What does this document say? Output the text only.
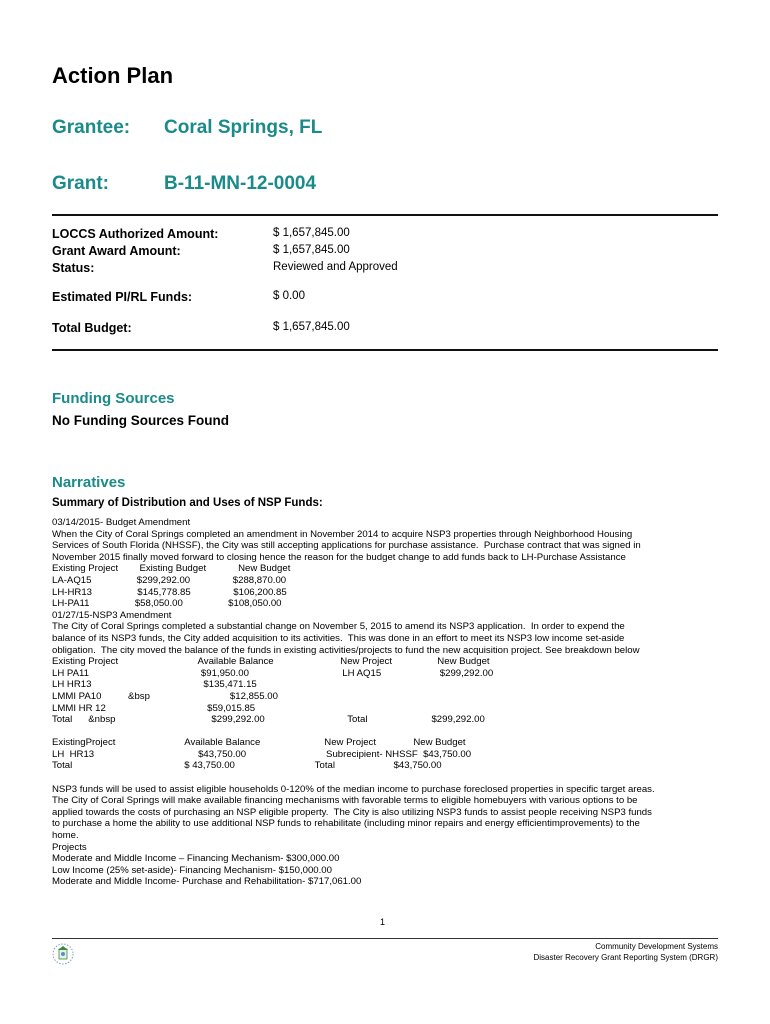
Action Plan
Grantee: Coral Springs, FL
Grant:	B-11-MN-12-0004
LOCCS Authorized Amount:	$ 1,657,845.00
Grant Award Amount:	$ 1,657,845.00
Status:	Reviewed and Approved
Estimated PI/RL Funds:	$ 0.00
Total Budget:	$ 1,657,845.00
Funding Sources
No Funding Sources Found
Narratives
Summary of Distribution and Uses of NSP Funds:
03/14/2015- Budget Amendment
When the City of Coral Springs completed an amendment in November 2014 to acquire NSP3 properties through Neighborhood Housing
Services of South Florida (NHSSF), the City was still accepting applications for purchase assistance.  Purchase contract that was signed in
November 2015 finally moved forward to closing hence the reason for the budget change to add funds back to LH-Purchase Assistance
Existing Project        Existing Budget            New Budget
LA-AQ15                 $299,292.00                $288,870.00
LH-HR13                 $145,778.85                $106,200.85
LH-PA11                 $58,050.00                 $108,050.00
01/27/15-NSP3 Amendment
The City of Coral Springs completed a substantial change on November 5, 2015 to amend its NSP3 application.  In order to expend the
balance of its NSP3 funds, the City added acquisition to its activities.  This was done in an effort to meet its NSP3 low income set-aside
obligation.  The city moved the balance of the funds in existing activities/projects to fund the new acquisition project. See breakdown below
Existing Project                              Available Balance                         New Project                 New Budget
LH PA11                                          $91,950.00                                   LH AQ15                      $299,292.00
LH HR13                                          $135,471.15
LMMI PA10          &bsp                              $12,855.00
LMMI HR 12                                      $59,015.85
Total      &nbsp                                    $299,292.00                               Total                        $299,292.00
ExistingProject                          Available Balance                        New Project              New Budget
LH  HR13                                       $43,750.00                              Subrecipient- NHSSF  $43,750.00
Total                                          $ 43,750.00                              Total                      $43,750.00
NSP3 funds will be used to assist eligible households 0-120% of the median income to purchase foreclosed properties in specific target areas.
The City of Coral Springs will make available financing mechanisms with favorable terms to eligible homebuyers with various options to be
applied towards the costs of purchasing an NSP eligible property.  The City is also utilizing NSP3 funds to assist people receiving NSP3 funds
to purchase a home the ability to use additional NSP funds to rehabilitate (including minor repairs and energy efficientimprovements) to the
home.
Projects
Moderate and Middle Income – Financing Mechanism- $300,000.00
Low Income (25% set-aside)- Financing Mechanism- $150,000.00
Moderate and Middle Income- Purchase and Rehabilitation- $717,061.00
1
Community Development Systems
Disaster Recovery Grant Reporting System (DRGR)
